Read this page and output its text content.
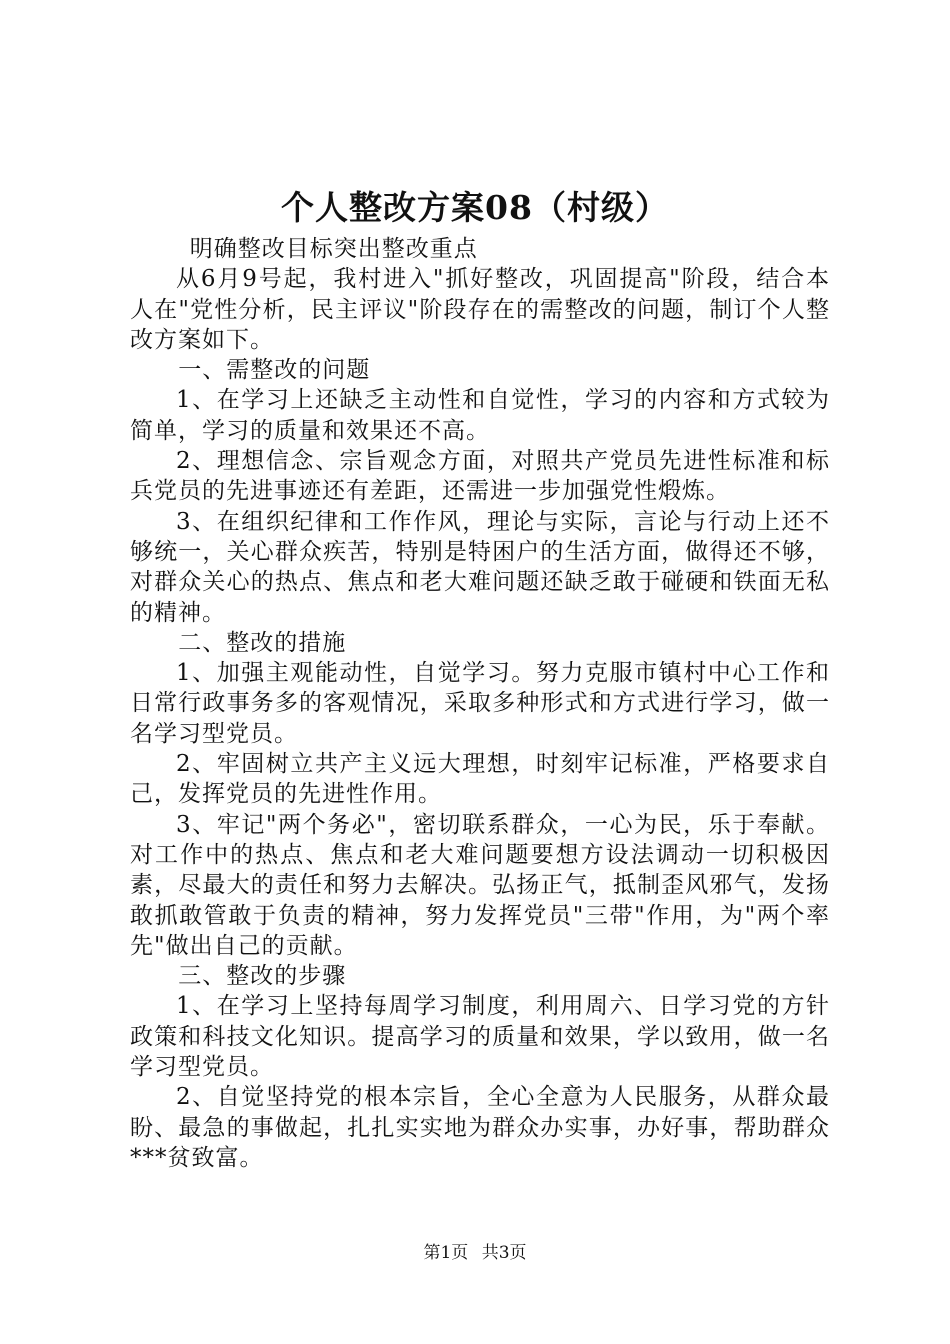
个人整改方案08（村级）

明确整改目标突出整改重点

从6月9号起，我村进入"抓好整改，巩固提高"阶段，结合本人在"党性分析，民主评议"阶段存在的需整改的问题，制订个人整改方案如下。

一、需整改的问题

1、在学习上还缺乏主动性和自觉性，学习的内容和方式较为简单，学习的质量和效果还不高。

2、理想信念、宗旨观念方面，对照共产党员先进性标准和标兵党员的先进事迹还有差距，还需进一步加强党性煅炼。

3、在组织纪律和工作作风，理论与实际，言论与行动上还不够统一，关心群众疾苦，特别是特困户的生活方面，做得还不够，对群众关心的热点、焦点和老大难问题还缺乏敢于碰硬和铁面无私的精神。

二、整改的措施

1、加强主观能动性，自觉学习。努力克服市镇村中心工作和日常行政事务多的客观情况，采取多种形式和方式进行学习，做一名学习型党员。

2、牢固树立共产主义远大理想，时刻牢记标准，严格要求自己，发挥党员的先进性作用。

3、牢记"两个务必"，密切联系群众，一心为民，乐于奉献。对工作中的热点、焦点和老大难问题要想方设法调动一切积极因素，尽最大的责任和努力去解决。弘扬正气，抵制歪风邪气，发扬敢抓敢管敢于负责的精神，努力发挥党员"三带"作用，为"两个率先"做出自己的贡献。

三、整改的步骤

1、在学习上坚持每周学习制度，利用周六、日学习党的方针政策和科技文化知识。提高学习的质量和效果，学以致用，做一名学习型党员。

2、自觉坚持党的根本宗旨，全心全意为人民服务，从群众最盼、最急的事做起，扎扎实实地为群众办实事，办好事，帮助群众***贫致富。

第1页 共3页
